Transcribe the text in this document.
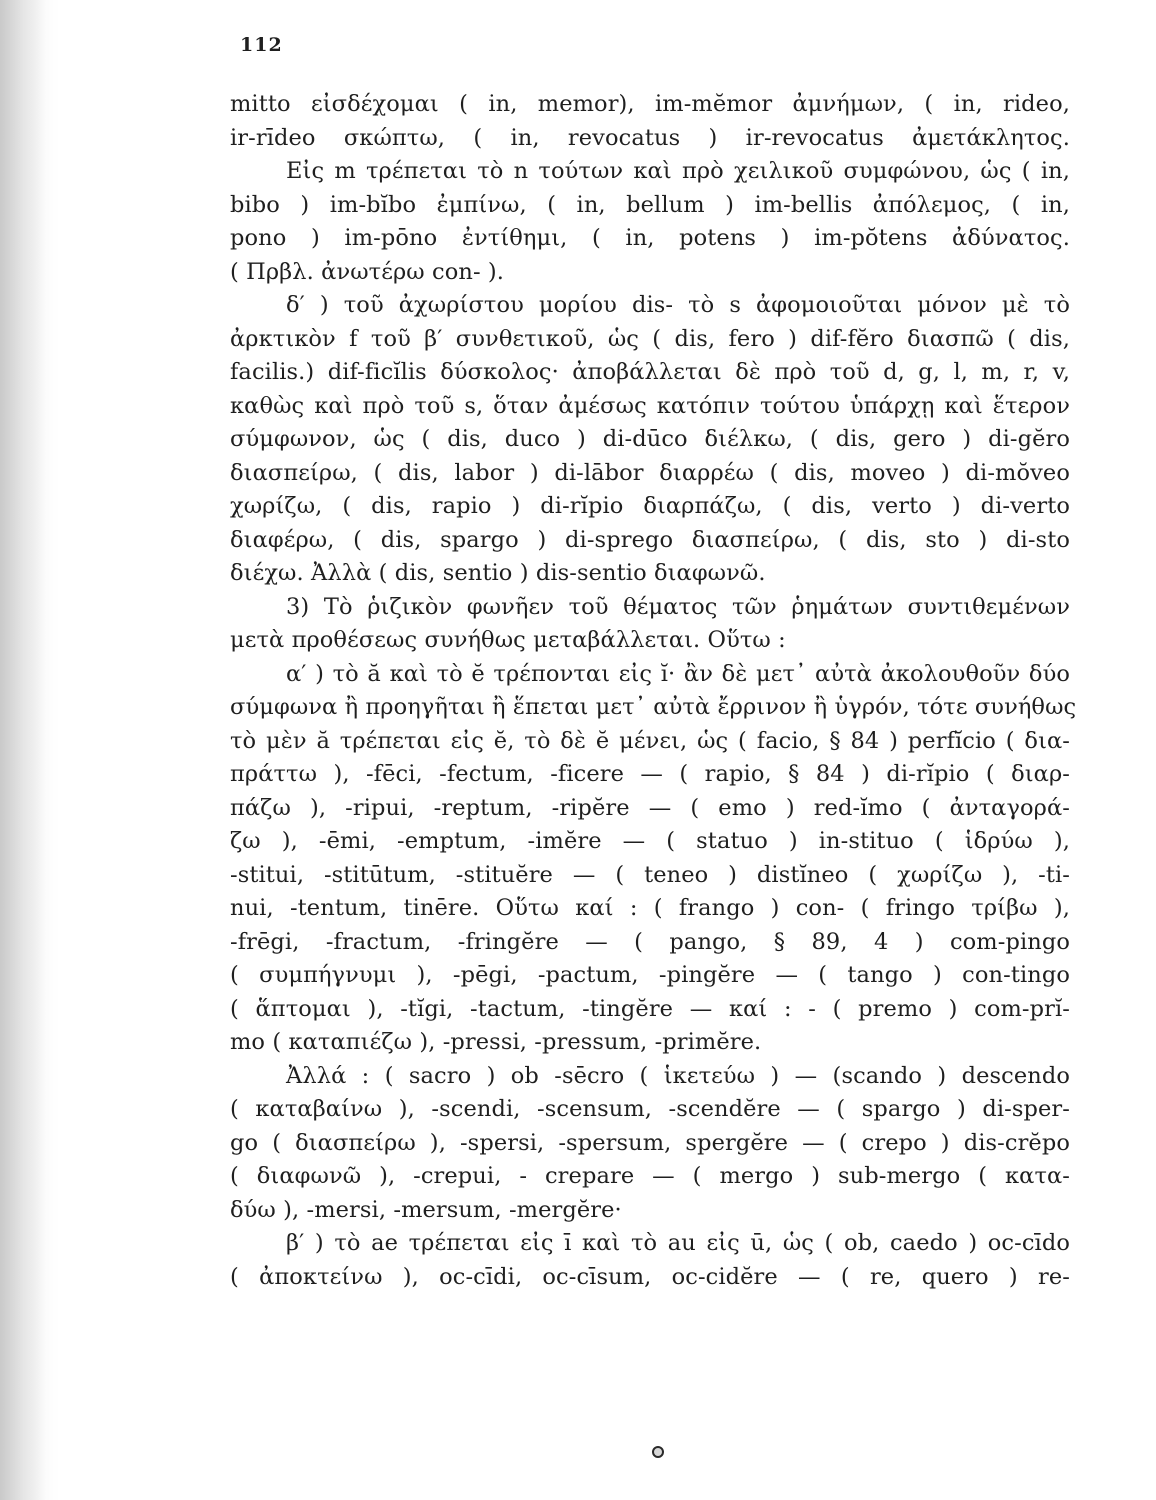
112
mitto εἰσδέχομαι ( in, memor), im-mĕmor ἀμνήμων, ( in, rideo,
ir-rīdeo σκώπτω, ( in, revocatus ) ir-revocatus ἀμετάκλητος.
Εἰς m τρέπεται τὸ n τούτων καὶ πρὸ χειλικοῦ συμφώνου, ὡς ( in,
bibo ) im-bĭbo ἐμπίνω, ( in, bellum ) im-bellis ἀπόλεμος, ( in,
pono ) im-pōno ἐντίθημι, ( in, potens ) im-pŏtens ἀδύνατος.
( Πρβλ. ἀνωτέρω con- ).
δ′ ) τοῦ ἀχωρίστου μορίου dis- τὸ s ἀφομοιοῦται μόνον μὲ τὸ
ἀρκτικὸν f τοῦ β′ συνθετικοῦ, ὡς ( dis, fero ) dif-fĕro διασπῶ ( dis,
facilis.) dif-ficĭlis δύσκολος· ἀποβάλλεται δὲ πρὸ τοῦ d, g, l, m, r, v,
καθὼς καὶ πρὸ τοῦ s, ὅταν ἀμέσως κατόπιν τούτου ὑπάρχῃ καὶ ἕτερον
σύμφωνον, ὡς ( dis, duco ) di-dūco διέλκω, ( dis, gero ) di-gĕro
διασπείρω, ( dis, labor ) di-lābor διαρρέω ( dis, moveo ) di-mŏveo
χωρίζω, ( dis, rapio ) di-rĭpio διαρπάζω, ( dis, verto ) di-verto
διαφέρω, ( dis, spargo ) di-sprego διασπείρω, ( dis, sto ) di-sto
διέχω. Ἀλλὰ ( dis, sentio ) dis-sentio διαφωνῶ.
3) Τὸ ῥιζικὸν φωνῆεν τοῦ θέματος τῶν ῥημάτων συντιθεμένων
μετὰ προθέσεως συνήθως μεταβάλλεται. Οὕτω :
α′ ) τὸ ă καὶ τὸ ĕ τρέπονται εἰς ĭ· ἂν δὲ μετ᾽ αὐτὰ ἀκολουθοῦν δύο
σύμφωνα ἢ προηγῆται ἢ ἕπεται μετ᾽ αὐτὰ ἔρρινον ἢ ὑγρόν, τότε συνήθως
τὸ μὲν ă τρέπεται εἰς ĕ, τὸ δὲ ĕ μένει, ὡς ( facio, § 84 ) perfĭcio ( δια-
πράττω ), -fēci, -fectum, -ficere — ( rapio, § 84 ) di-rĭpio ( διαρ-
πάζω ), -ripui, -reptum, -ripĕre — ( emo ) red-ĭmo ( ἀνταγορά-
ζω ), -ēmi, -emptum, -imĕre — ( statuo ) in-stituo ( ἱδρύω ),
-stitui, -stitūtum, -stituĕre — ( teneo ) distĭneo ( χωρίζω ), -ti-
nui, -tentum, tinēre. Οὕτω καί : ( frango ) con- ( fringo τρίβω ),
-frēgi, -fractum, -fringĕre — ( pango, § 89, 4 ) com-pingo
( συμπήγνυμι ), -pēgi, -pactum, -pingĕre — ( tango ) con-tingo
( ἅπτομαι ), -tĭgi, -tactum, -tingĕre — καί : - ( premo ) com-prĭ-
mo ( καταπιέζω ), -pressi, -pressum, -primĕre.
Ἀλλά : ( sacro ) ob -sēcro ( ἱκετεύω ) — (scando ) descendo
( καταβαίνω ), -scendi, -scensum, -scendĕre — ( spargo ) di-sper-
go ( διασπείρω ), -spersi, -spersum, spergĕre — ( crepo ) dis-crĕpo
( διαφωνῶ ), -crepui, - crepare — ( mergo ) sub-mergo ( κατα-
δύω ), -mersi, -mersum, -mergĕre·
β′ ) τὸ ae τρέπεται εἰς ī καὶ τὸ au εἰς ū, ὡς ( ob, caedo ) oc-cīdo
( ἀποκτείνω ), oc-cīdi, oc-cīsum, oc-cidĕre — ( re, quero ) re-
